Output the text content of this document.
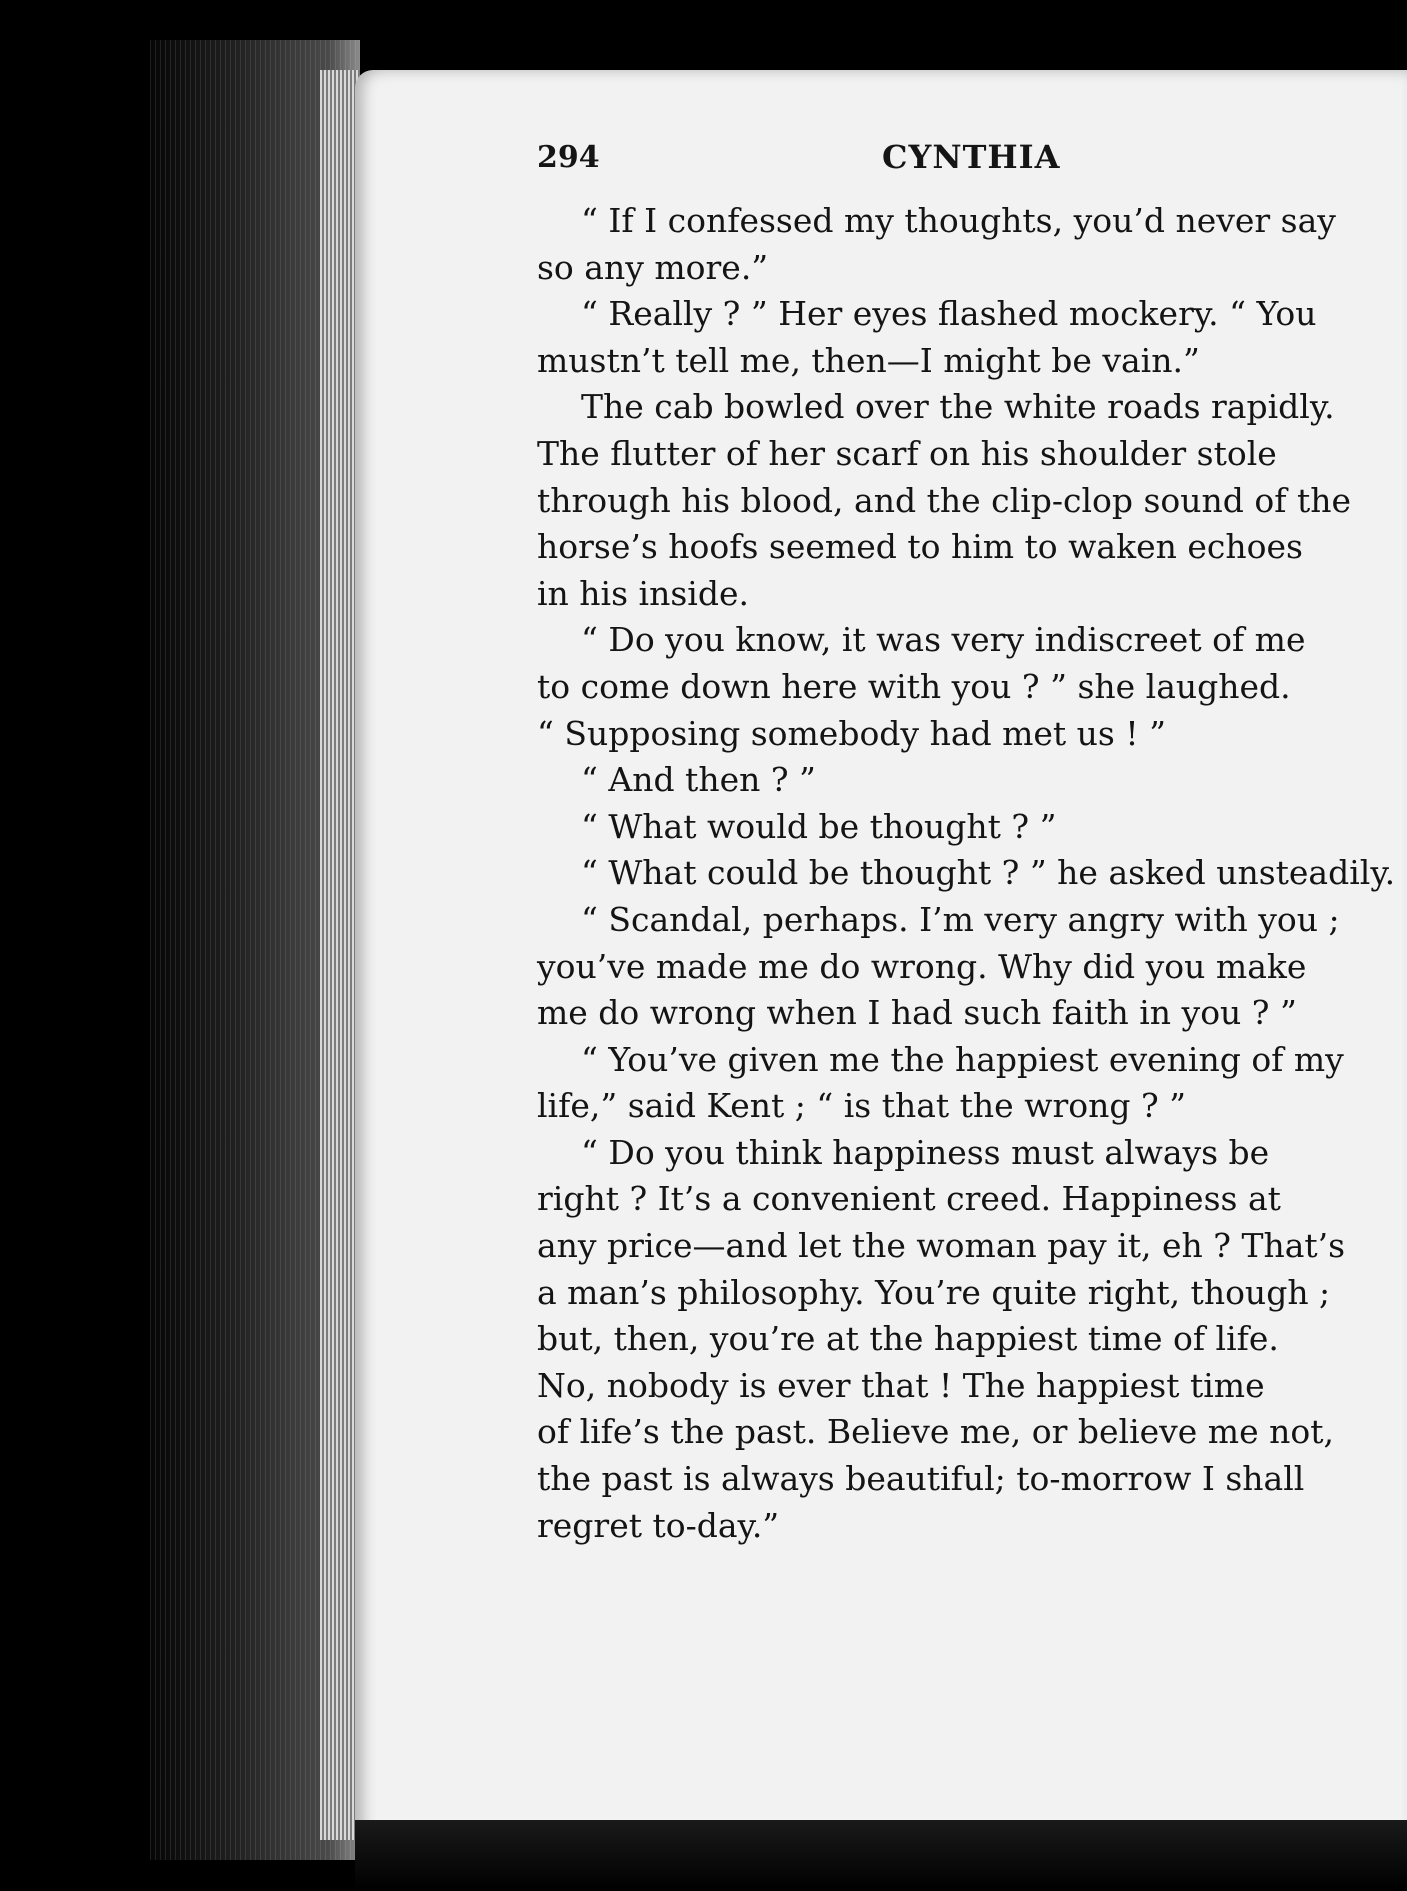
294	CYNTHIA
“ If I confessed my thoughts, you’d never say
so any more.”
“ Really ? ” Her eyes flashed mockery. “ You
mustn’t tell me, then—I might be vain.”
The cab bowled over the white roads rapidly.
The flutter of her scarf on his shoulder stole
through his blood, and the clip-clop sound of the
horse’s hoofs seemed to him to waken echoes
in his inside.
“ Do you know, it was very indiscreet of me
to come down here with you ? ” she laughed.
“ Supposing somebody had met us ! ”
“ And then ? ”
“ What would be thought ? ”
“ What could be thought ? ” he asked unsteadily.
“ Scandal, perhaps. I’m very angry with you ;
you’ve made me do wrong. Why did you make
me do wrong when I had such faith in you ? ”
“ You’ve given me the happiest evening of my
life,” said Kent ; “ is that the wrong ? ”
“ Do you think happiness must always be
right ? It’s a convenient creed. Happiness at
any price—and let the woman pay it, eh ? That’s
a man’s philosophy. You’re quite right, though ;
but, then, you’re at the happiest time of life.
No, nobody is ever that ! The happiest time
of life’s the past. Believe me, or believe me not,
the past is always beautiful; to-morrow I shall
regret to-day.”
